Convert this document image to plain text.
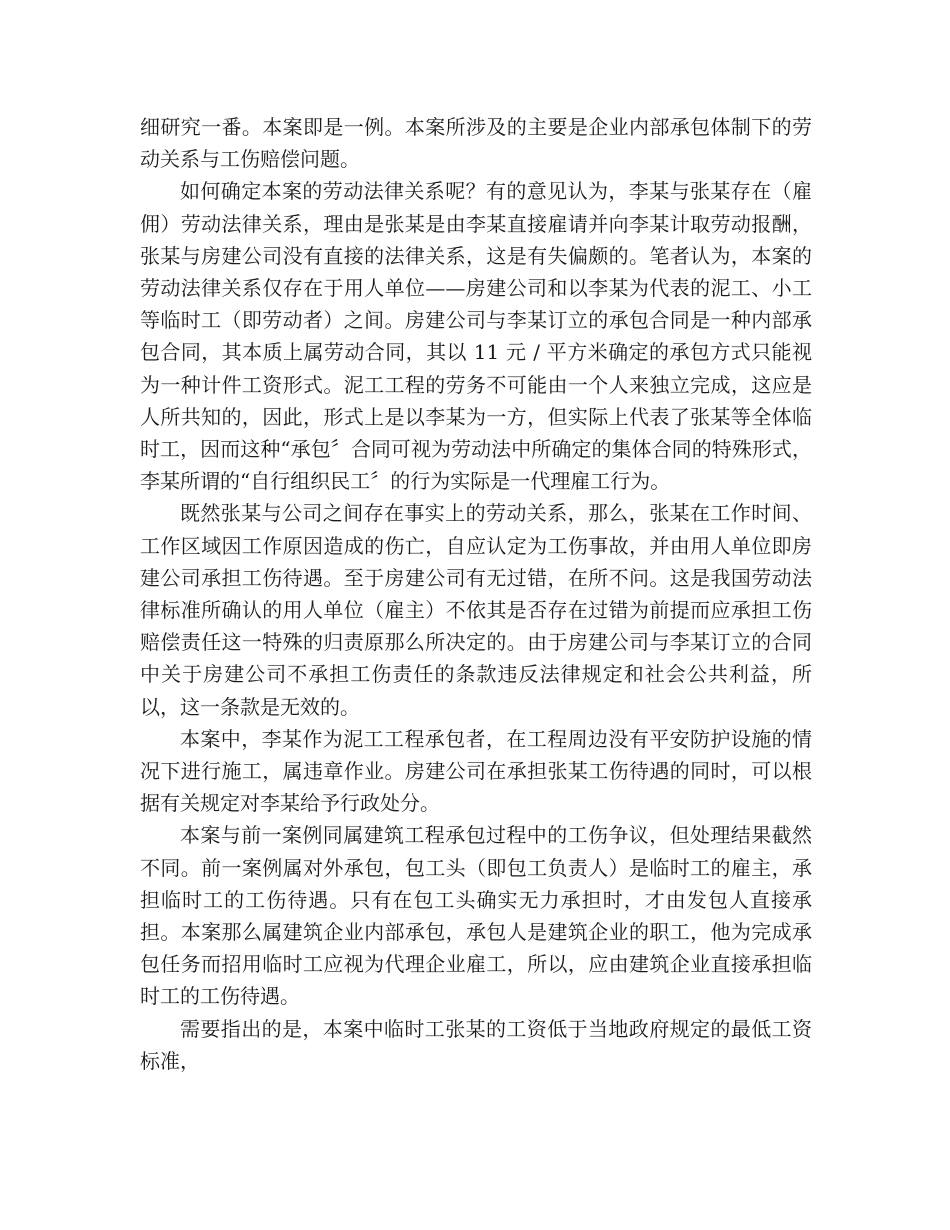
细研究一番。本案即是一例。本案所涉及的主要是企业内部承包体制下的劳动关系与工伤赔偿问题。

如何确定本案的劳动法律关系呢？有的意见认为，李某与张某存在（雇佣）劳动法律关系，理由是张某是由李某直接雇请并向李某计取劳动报酬，张某与房建公司没有直接的法律关系，这是有失偏颇的。笔者认为，本案的劳动法律关系仅存在于用人单位——房建公司和以李某为代表的泥工、小工等临时工（即劳动者）之间。房建公司与李某订立的承包合同是一种内部承包合同，其本质上属劳动合同，其以 11 元 / 平方米确定的承包方式只能视为一种计件工资形式。泥工工程的劳务不可能由一个人来独立完成，这应是人所共知的，因此，形式上是以李某为一方，但实际上代表了张某等全体临时工，因而这种“承包〞合同可视为劳动法中所确定的集体合同的特殊形式，李某所谓的“自行组织民工〞的行为实际是一代理雇工行为。

既然张某与公司之间存在事实上的劳动关系，那么，张某在工作时间、工作区域因工作原因造成的伤亡，自应认定为工伤事故，并由用人单位即房建公司承担工伤待遇。至于房建公司有无过错，在所不问。这是我国劳动法律标准所确认的用人单位（雇主）不依其是否存在过错为前提而应承担工伤赔偿责任这一特殊的归责原那么所决定的。由于房建公司与李某订立的合同中关于房建公司不承担工伤责任的条款违反法律规定和社会公共利益，所以，这一条款是无效的。

本案中，李某作为泥工工程承包者，在工程周边没有平安防护设施的情况下进行施工，属违章作业。房建公司在承担张某工伤待遇的同时，可以根据有关规定对李某给予行政处分。

本案与前一案例同属建筑工程承包过程中的工伤争议，但处理结果截然不同。前一案例属对外承包，包工头（即包工负责人）是临时工的雇主，承担临时工的工伤待遇。只有在包工头确实无力承担时，才由发包人直接承担。本案那么属建筑企业内部承包，承包人是建筑企业的职工，他为完成承包任务而招用临时工应视为代理企业雇工，所以，应由建筑企业直接承担临时工的工伤待遇。

需要指出的是，本案中临时工张某的工资低于当地政府规定的最低工资标准，
